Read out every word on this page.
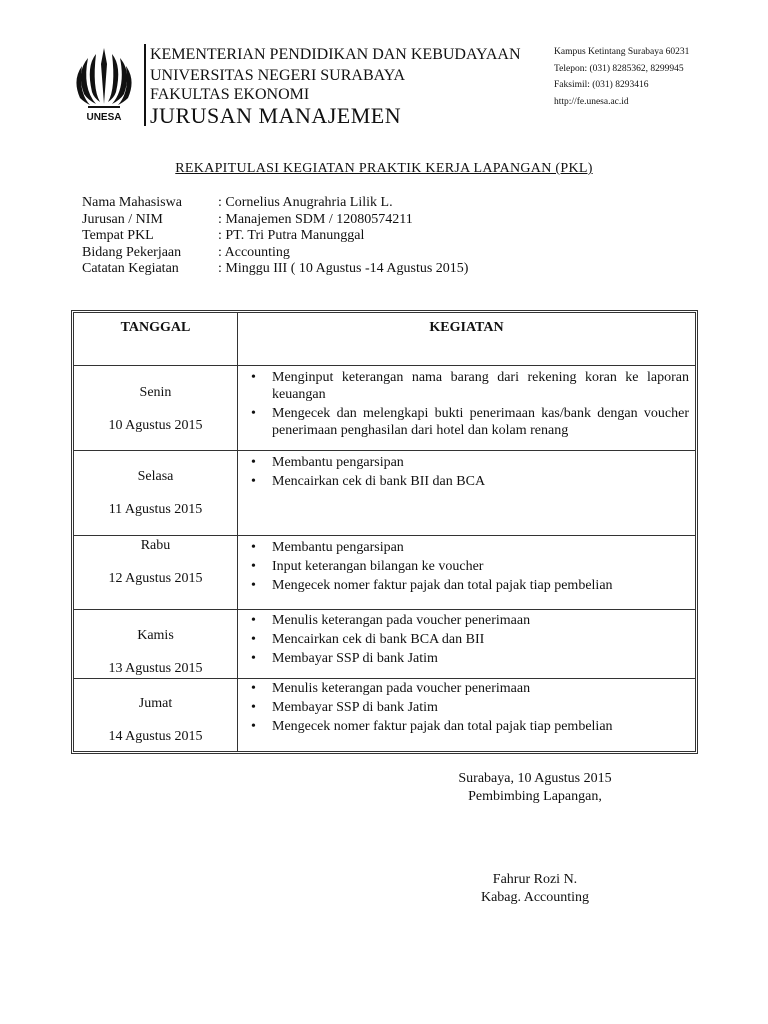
UNESA
KEMENTERIAN PENDIDIKAN DAN KEBUDAYAAN
UNIVERSITAS NEGERI SURABAYA
FAKULTAS EKONOMI
JURUSAN MANAJEMEN
Kampus Ketintang Surabaya 60231
Telepon: (031) 8285362, 8299945
Faksimil: (031) 8293416
http://fe.unesa.ac.id
REKAPITULASI KEGIATAN PRAKTIK KERJA LAPANGAN (PKL)
Nama Mahasiswa	: Cornelius Anugrahria Lilik L.
Jurusan / NIM	: Manajemen SDM / 12080574211
Tempat PKL	: PT. Tri Putra Manunggal
Bidang Pekerjaan	: Accounting
Catatan Kegiatan	: Minggu III ( 10 Agustus -14 Agustus 2015)
TANGGAL	KEGIATAN
Senin
10 Agustus 2015
• Menginput keterangan nama barang dari rekening koran ke laporan keuangan
• Mengecek dan melengkapi bukti penerimaan kas/bank dengan voucher penerimaan penghasilan dari hotel dan kolam renang
Selasa
11 Agustus 2015
• Membantu pengarsipan
• Mencairkan cek di bank BII dan BCA
Rabu
12 Agustus 2015
• Membantu pengarsipan
• Input keterangan bilangan ke voucher
• Mengecek nomer faktur pajak dan total pajak tiap pembelian
Kamis
13 Agustus 2015
• Menulis keterangan pada voucher penerimaan
• Mencairkan cek di bank BCA dan BII
• Membayar SSP di bank Jatim
Jumat
14 Agustus 2015
• Menulis keterangan pada voucher penerimaan
• Membayar SSP di bank Jatim
• Mengecek nomer faktur pajak dan total pajak tiap pembelian
Surabaya, 10 Agustus 2015
Pembimbing Lapangan,
Fahrur Rozi N.
Kabag. Accounting
